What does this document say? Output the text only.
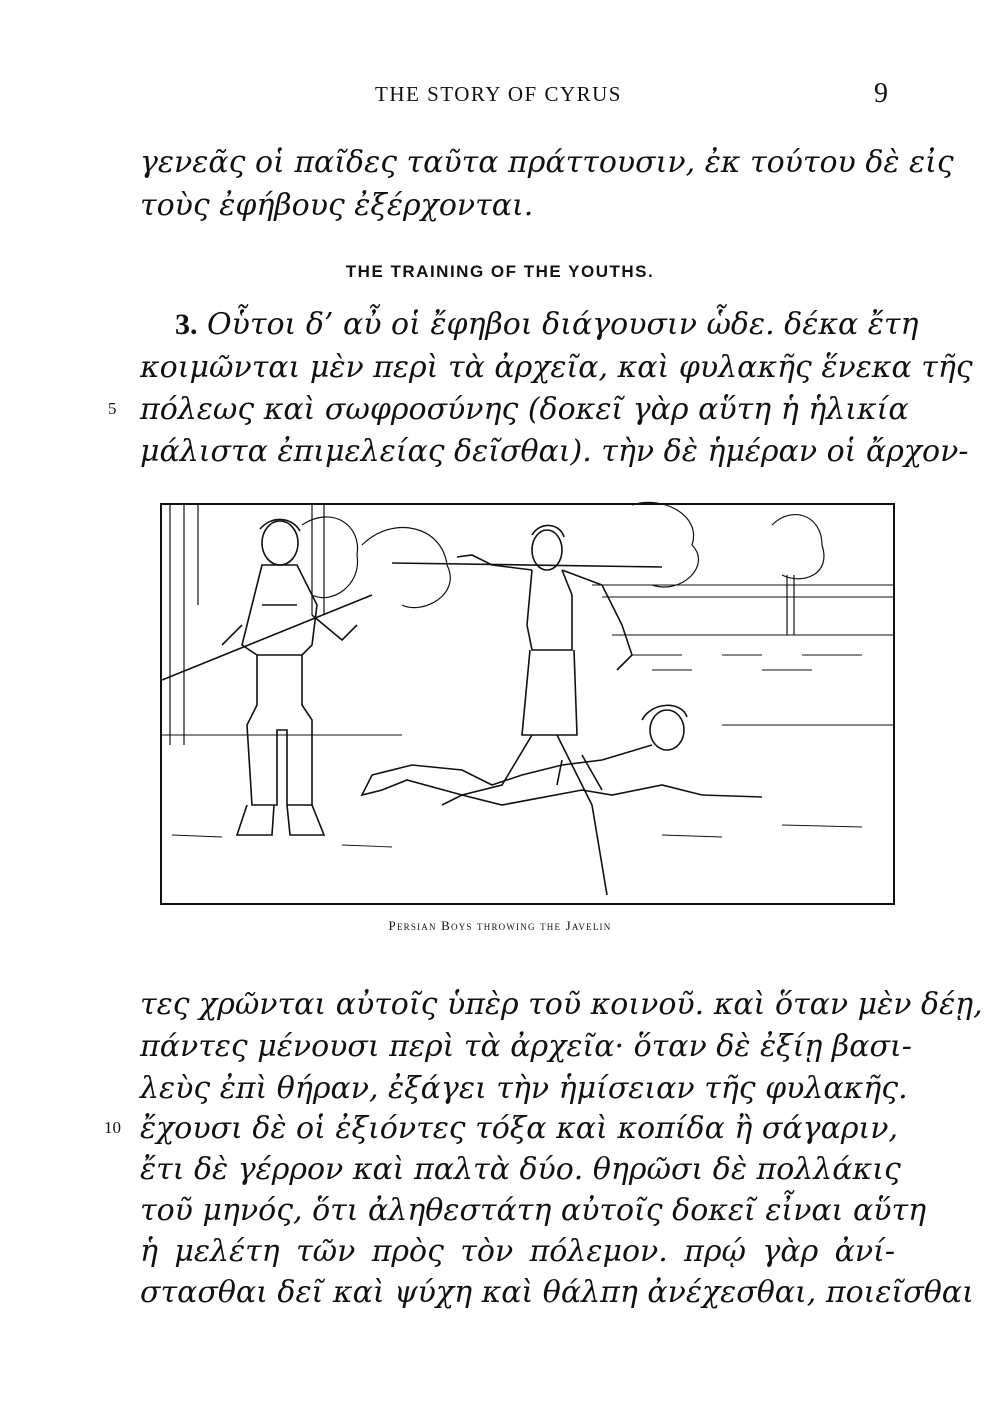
THE STORY OF CYRUS	9
γενεᾶς οἱ παῖδες ταῦτα πράττουσιν, ἐκ τούτου δὲ εἰς
τοὺς ἐφήβους ἐξέρχονται.
THE TRAINING OF THE YOUTHS.
3. Οὗτοι δ’ αὖ οἱ ἔφηβοι διάγουσιν ὧδε. δέκα ἔτη
κοιμῶνται μὲν περὶ τὰ ἀρχεῖα, καὶ φυλακῆς ἕνεκα τῆς
5 πόλεως καὶ σωφροσύνης (δοκεῖ γὰρ αὕτη ἡ ἡλικία
μάλιστα ἐπιμελείας δεῖσθαι). τὴν δὲ ἡμέραν οἱ ἄρχον-
Persian Boys throwing the Javelin
τες χρῶνται αὐτοῖς ὑπὲρ τοῦ κοινοῦ. καὶ ὅταν μὲν δέῃ,
πάντες μένουσι περὶ τὰ ἀρχεῖα· ὅταν δὲ ἐξίῃ βασι-
λεὺς ἐπὶ θήραν, ἐξάγει τὴν ἡμίσειαν τῆς φυλακῆς.
10 ἔχουσι δὲ οἱ ἐξιόντες τόξα καὶ κοπίδα ἢ σάγαριν,
ἔτι δὲ γέρρον καὶ παλτὰ δύο. θηρῶσι δὲ πολλάκις
τοῦ μηνός, ὅτι ἀληθεστάτη αὐτοῖς δοκεῖ εἶναι αὕτη
ἡ μελέτη τῶν πρὸς τὸν πόλεμον. πρῴ γὰρ ἀνί-
στασθαι δεῖ καὶ ψύχη καὶ θάλπη ἀνέχεσθαι, ποιεῖσθαι
